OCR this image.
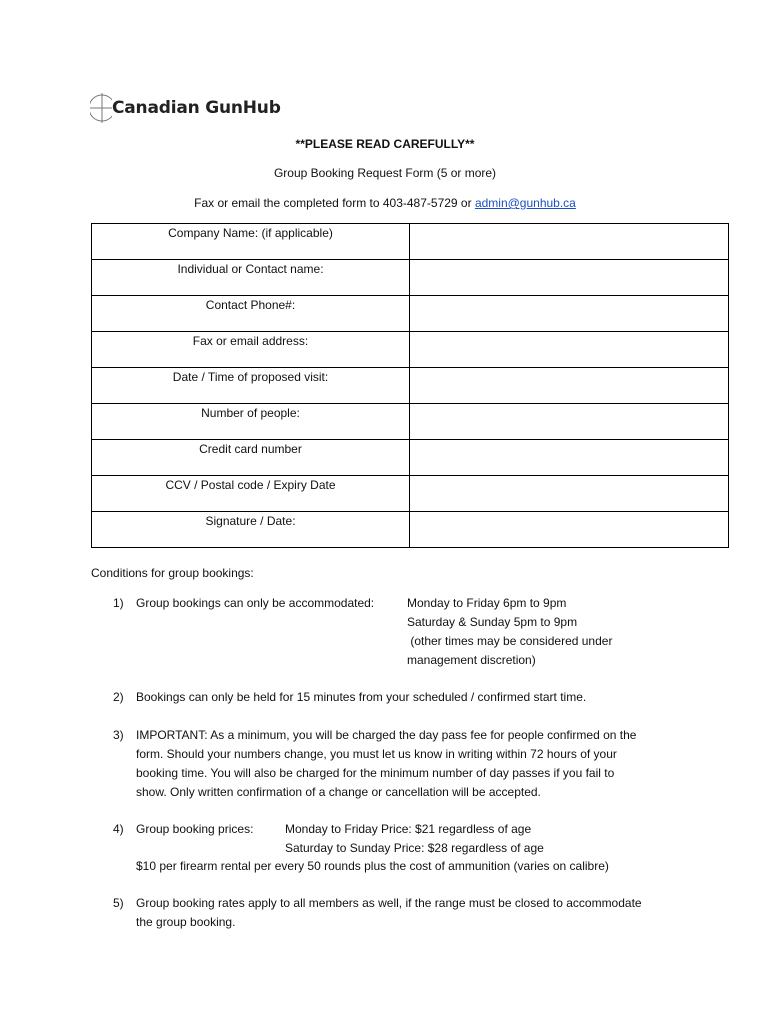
Canadian GunHub
**PLEASE READ CAREFULLY**
Group Booking Request Form (5 or more)
Fax or email the completed form to 403-487-5729 or admin@gunhub.ca
Company Name: (if applicable)	
Individual or Contact name:	
Contact Phone#:	
Fax or email address:	
Date / Time of proposed visit:	
Number of people:	
Credit card number	
CCV / Postal code / Expiry Date	
Signature / Date:	
Conditions for group bookings:
1) Group bookings can only be accommodated:	Monday to Friday 6pm to 9pm
Saturday & Sunday 5pm to 9pm
(other times may be considered under
management discretion)
2) Bookings can only be held for 15 minutes from your scheduled / confirmed start time.
3) IMPORTANT: As a minimum, you will be charged the day pass fee for people confirmed on the
form. Should your numbers change, you must let us know in writing within 72 hours of your
booking time. You will also be charged for the minimum number of day passes if you fail to
show. Only written confirmation of a change or cancellation will be accepted.
4) Group booking prices:	Monday to Friday Price: $21 regardless of age
Saturday to Sunday Price: $28 regardless of age
$10 per firearm rental per every 50 rounds plus the cost of ammunition (varies on calibre)
5) Group booking rates apply to all members as well, if the range must be closed to accommodate
the group booking.
